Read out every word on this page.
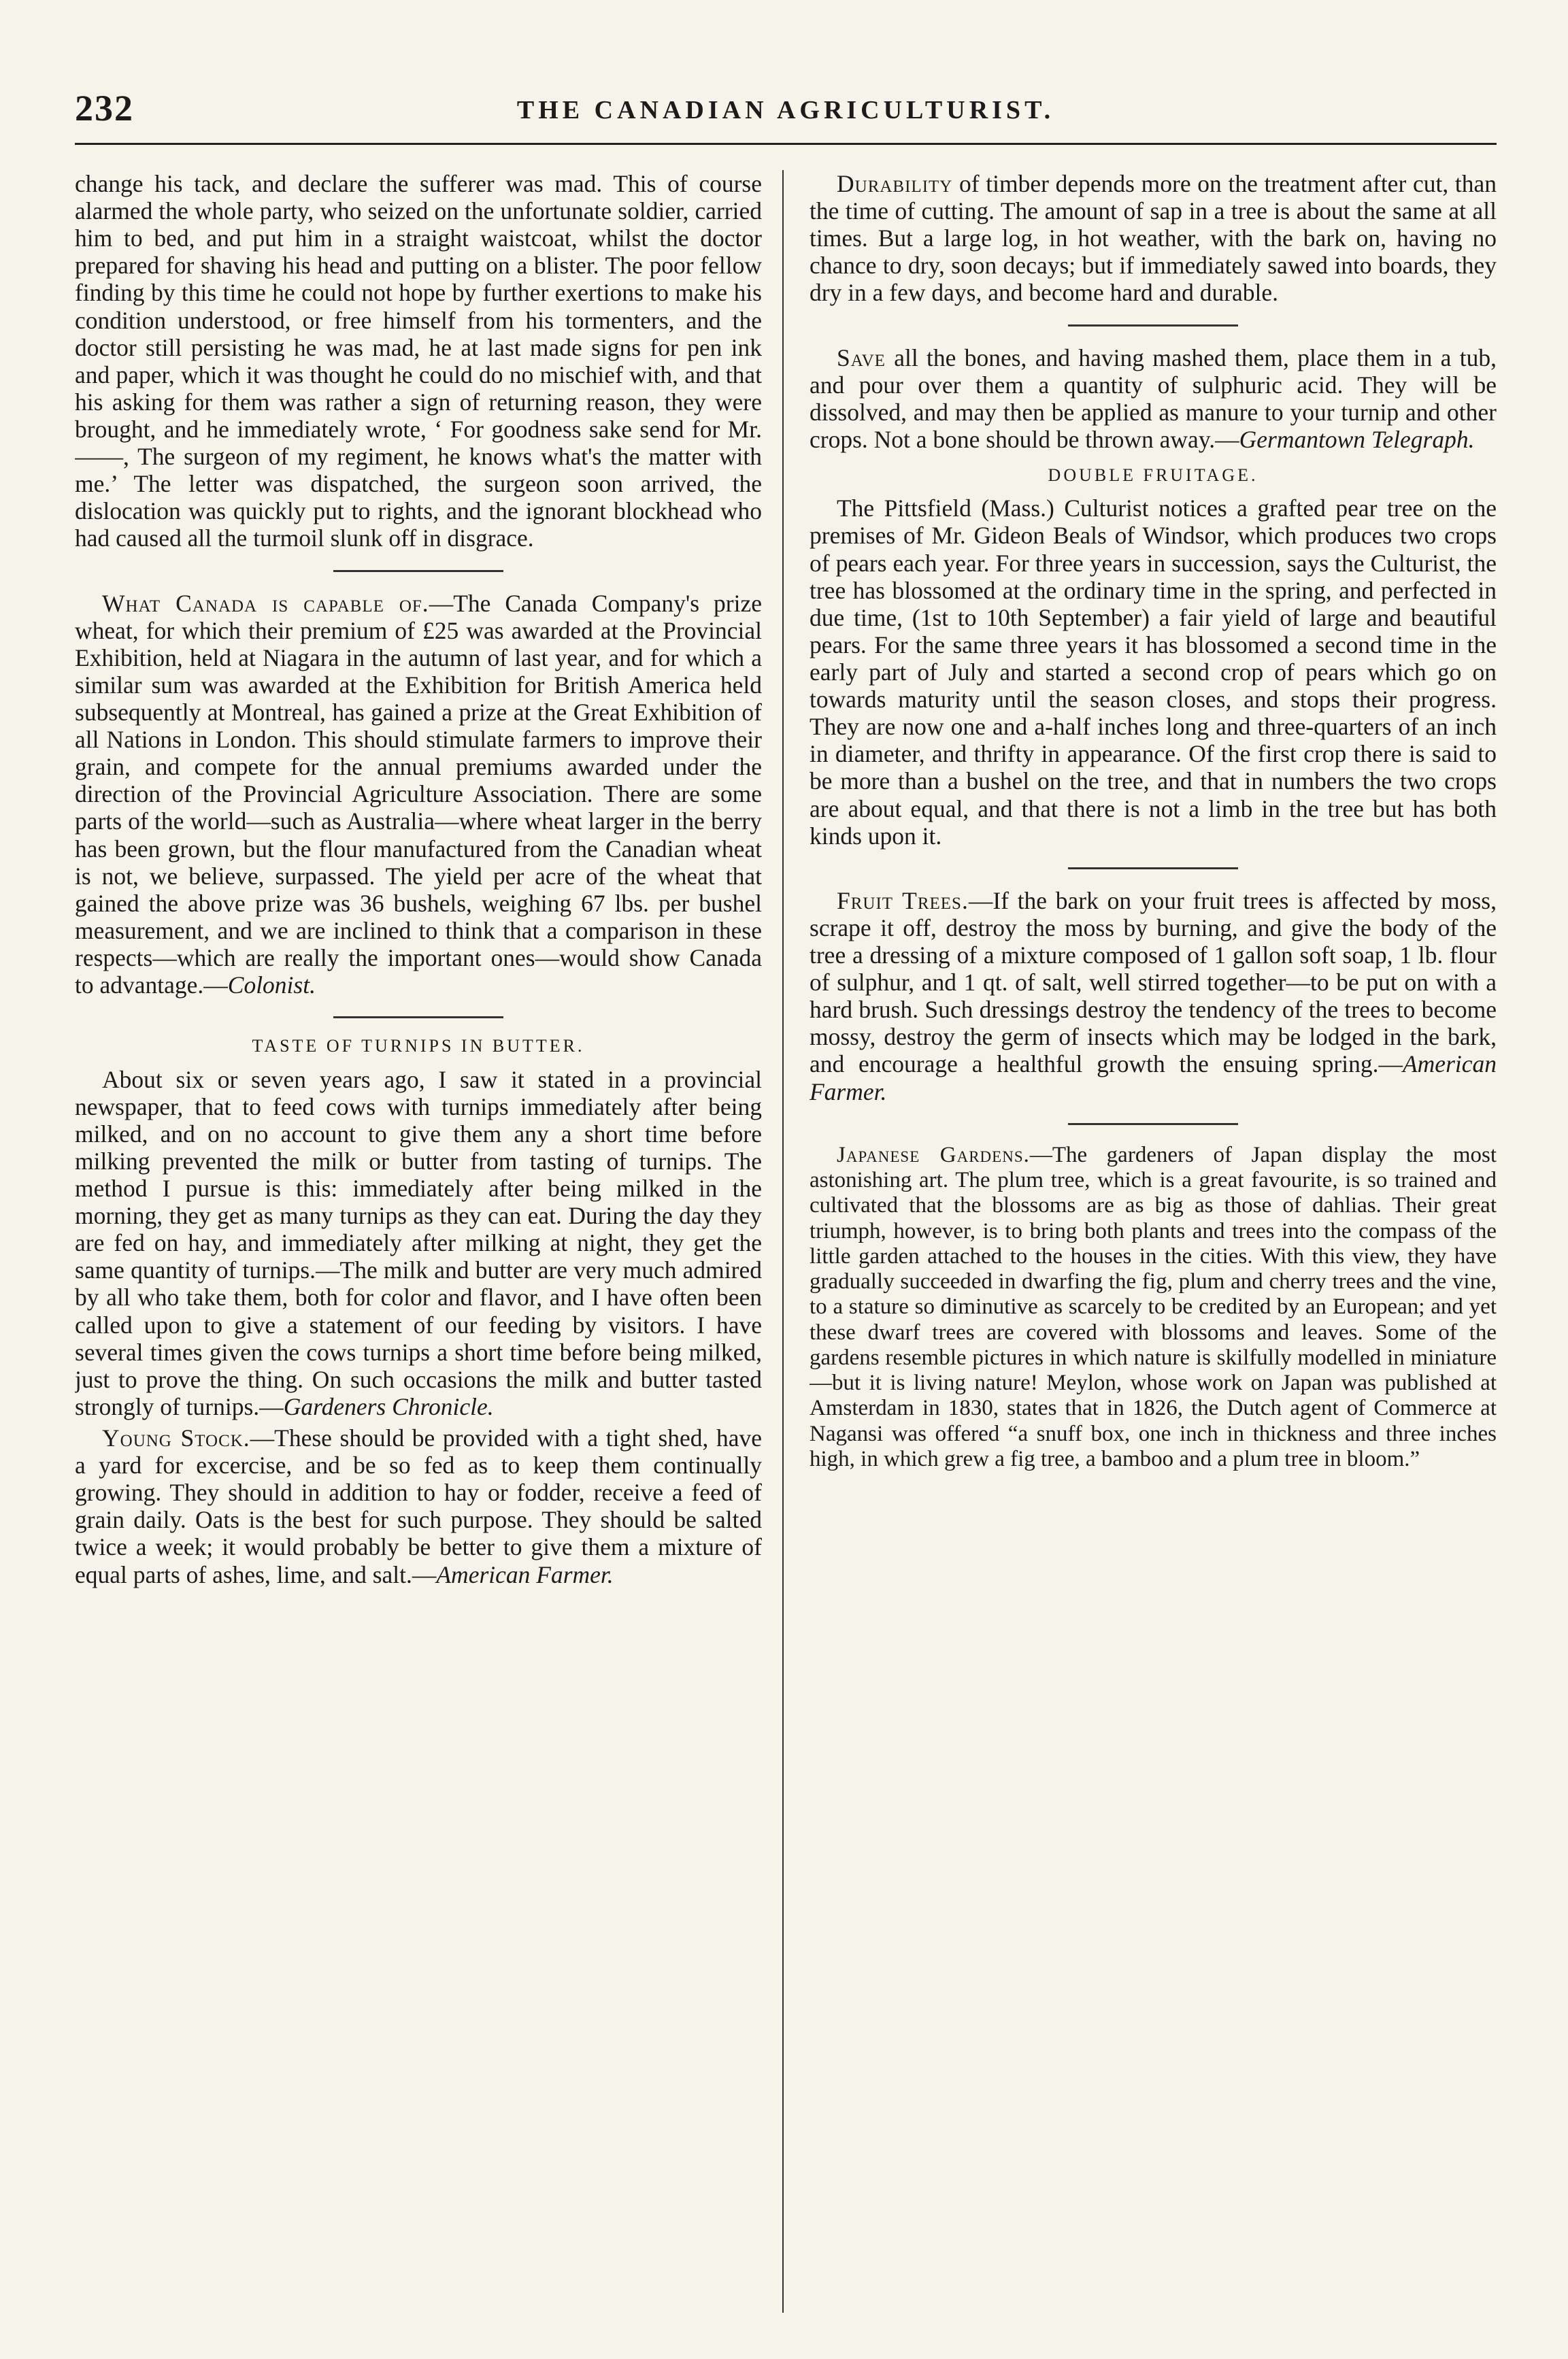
232	THE CANADIAN AGRICULTURIST.

change his tack, and declare the sufferer was mad. This of course alarmed the whole party, who seized on the unfortunate soldier, carried him to bed, and put him in a straight waistcoat, whilst the doctor prepared for shaving his head and putting on a blister. The poor fellow finding by this time he could not hope by further exertions to make his condition understood, or free himself from his tormenters, and the doctor still persisting he was mad, he at last made signs for pen ink and paper, which it was thought he could do no mischief with, and that his asking for them was rather a sign of returning reason, they were brought, and he immediately wrote, ‘ For goodness sake send for Mr.——, The surgeon of my regiment, he knows what's the matter with me.’ The letter was dispatched, the surgeon soon arrived, the dislocation was quickly put to rights, and the ignorant blockhead who had caused all the turmoil slunk off in disgrace.

What Canada is capable of.—The Canada Company's prize wheat, for which their premium of £25 was awarded at the Provincial Exhibition, held at Niagara in the autumn of last year, and for which a similar sum was awarded at the Exhibition for British America held subsequently at Montreal, has gained a prize at the Great Exhibition of all Nations in London. This should stimulate farmers to improve their grain, and compete for the annual premiums awarded under the direction of the Provincial Agriculture Association. There are some parts of the world—such as Australia—where wheat larger in the berry has been grown, but the flour manufactured from the Canadian wheat is not, we believe, surpassed. The yield per acre of the wheat that gained the above prize was 36 bushels, weighing 67 lbs. per bushel measurement, and we are inclined to think that a comparison in these respects—which are really the important ones—would show Canada to advantage.—Colonist.

TASTE OF TURNIPS IN BUTTER.

About six or seven years ago, I saw it stated in a provincial newspaper, that to feed cows with turnips immediately after being milked, and on no account to give them any a short time before milking prevented the milk or butter from tasting of turnips. The method I pursue is this: immediately after being milked in the morning, they get as many turnips as they can eat. During the day they are fed on hay, and immediately after milking at night, they get the same quantity of turnips.—The milk and butter are very much admired by all who take them, both for color and flavor, and I have often been called upon to give a statement of our feeding by visitors. I have several times given the cows turnips a short time before being milked, just to prove the thing. On such occasions the milk and butter tasted strongly of turnips.—Gardeners Chronicle.

Young Stock.—These should be provided with a tight shed, have a yard for excercise, and be so fed as to keep them continually growing. They should in addition to hay or fodder, receive a feed of grain daily. Oats is the best for such purpose. They should be salted twice a week; it would probably be better to give them a mixture of equal parts of ashes, lime, and salt.—American Farmer.

Durability of timber depends more on the treatment after cut, than the time of cutting. The amount of sap in a tree is about the same at all times. But a large log, in hot weather, with the bark on, having no chance to dry, soon decays; but if immediately sawed into boards, they dry in a few days, and become hard and durable.

Save all the bones, and having mashed them, place them in a tub, and pour over them a quantity of sulphuric acid. They will be dissolved, and may then be applied as manure to your turnip and other crops. Not a bone should be thrown away.—Germantown Telegraph.

DOUBLE FRUITAGE.

The Pittsfield (Mass.) Culturist notices a grafted pear tree on the premises of Mr. Gideon Beals of Windsor, which produces two crops of pears each year. For three years in succession, says the Culturist, the tree has blossomed at the ordinary time in the spring, and perfected in due time, (1st to 10th September) a fair yield of large and beautiful pears. For the same three years it has blossomed a second time in the early part of July and started a second crop of pears which go on towards maturity until the season closes, and stops their progress. They are now one and a-half inches long and three-quarters of an inch in diameter, and thrifty in appearance. Of the first crop there is said to be more than a bushel on the tree, and that in numbers the two crops are about equal, and that there is not a limb in the tree but has both kinds upon it.

Fruit Trees.—If the bark on your fruit trees is affected by moss, scrape it off, destroy the moss by burning, and give the body of the tree a dressing of a mixture composed of 1 gallon soft soap, 1 lb. flour of sulphur, and 1 qt. of salt, well stirred together—to be put on with a hard brush. Such dressings destroy the tendency of the trees to become mossy, destroy the germ of insects which may be lodged in the bark, and encourage a healthful growth the ensuing spring.—American Farmer.

Japanese Gardens.—The gardeners of Japan display the most astonishing art. The plum tree, which is a great favourite, is so trained and cultivated that the blossoms are as big as those of dahlias. Their great triumph, however, is to bring both plants and trees into the compass of the little garden attached to the houses in the cities. With this view, they have gradually succeeded in dwarfing the fig, plum and cherry trees and the vine, to a stature so diminutive as scarcely to be credited by an European; and yet these dwarf trees are covered with blossoms and leaves. Some of the gardens resemble pictures in which nature is skilfully modelled in miniature—but it is living nature! Meylon, whose work on Japan was published at Amsterdam in 1830, states that in 1826, the Dutch agent of Commerce at Nagansi was offered “a snuff box, one inch in thickness and three inches high, in which grew a fig tree, a bamboo and a plum tree in bloom.”
